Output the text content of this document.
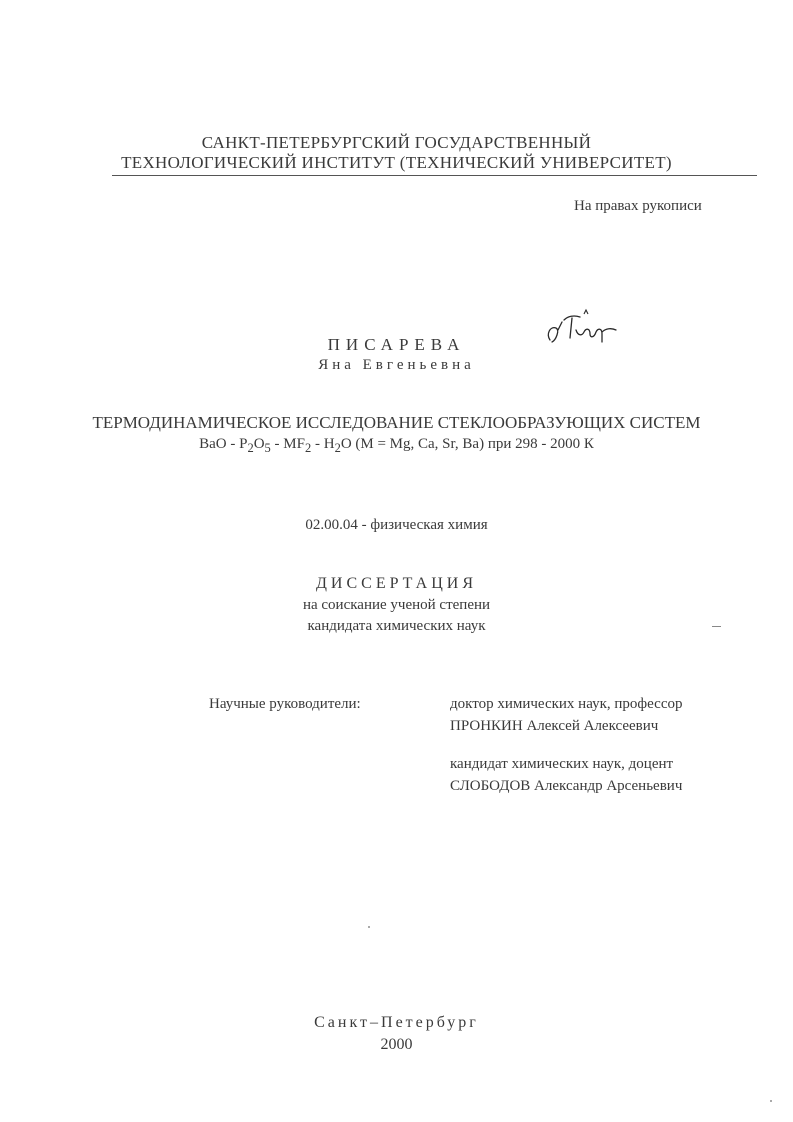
САНКТ-ПЕТЕРБУРГСКИЙ ГОСУДАРСТВЕННЫЙ
ТЕХНОЛОГИЧЕСКИЙ ИНСТИТУТ (ТЕХНИЧЕСКИЙ УНИВЕРСИТЕТ)
На правах рукописи
ПИСАРЕВА
Яна Евгеньевна
ТЕРМОДИНАМИЧЕСКОЕ ИССЛЕДОВАНИЕ СТЕКЛООБРАЗУЮЩИХ СИСТЕМ
BaO - $P_2O_5 - MF_2 - H_2O$ (M = Mg, Ca, Sr, Ba) при 298 - 2000 К
02.00.04 - физическая химия
ДИССЕРТАЦИЯ
на соискание ученой степени
кандидата химических наук
Научные руководители:	доктор химических наук, профессор
ПРОНКИН Алексей Алексеевич
кандидат химических наук, доцент
СЛОБОДОВ Александр Арсеньевич
Санкт–Петербург
2000
